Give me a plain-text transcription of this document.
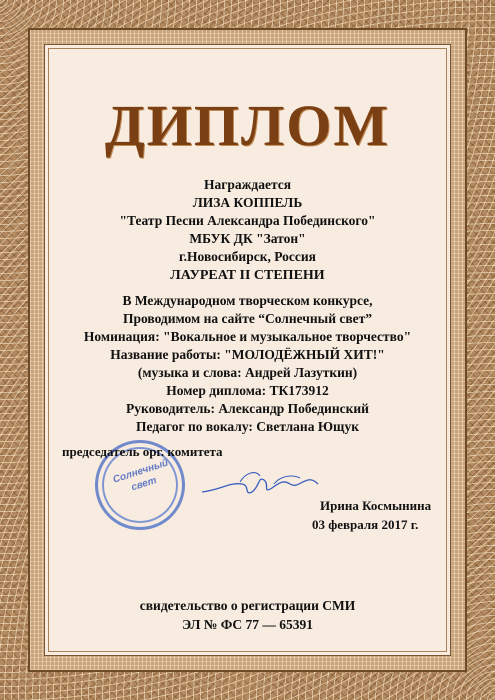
ДИПЛОМ
Награждается
ЛИЗА КОППЕЛЬ
"Театр Песни Александра Побединского"
МБУК ДК "Затон"
г.Новосибирск, Россия
ЛАУРЕАТ II СТЕПЕНИ
В Международном творческом конкурсе,
Проводимом на сайте “Солнечный свет”
Номинация: "Вокальное и музыкальное творчество"
Название работы: "МОЛОДЁЖНЫЙ ХИТ!"
(музыка и слова: Андрей Лазуткин)
Номер диплома: ТК173912
Руководитель: Александр Побединский
Педагог по вокалу: Светлана Ющук
Солнечный свет
председатель орг. комитета
Ирина Космынина
03 февраля 2017 г.
свидетельство о регистрации СМИ
ЭЛ № ФС 77 — 65391
